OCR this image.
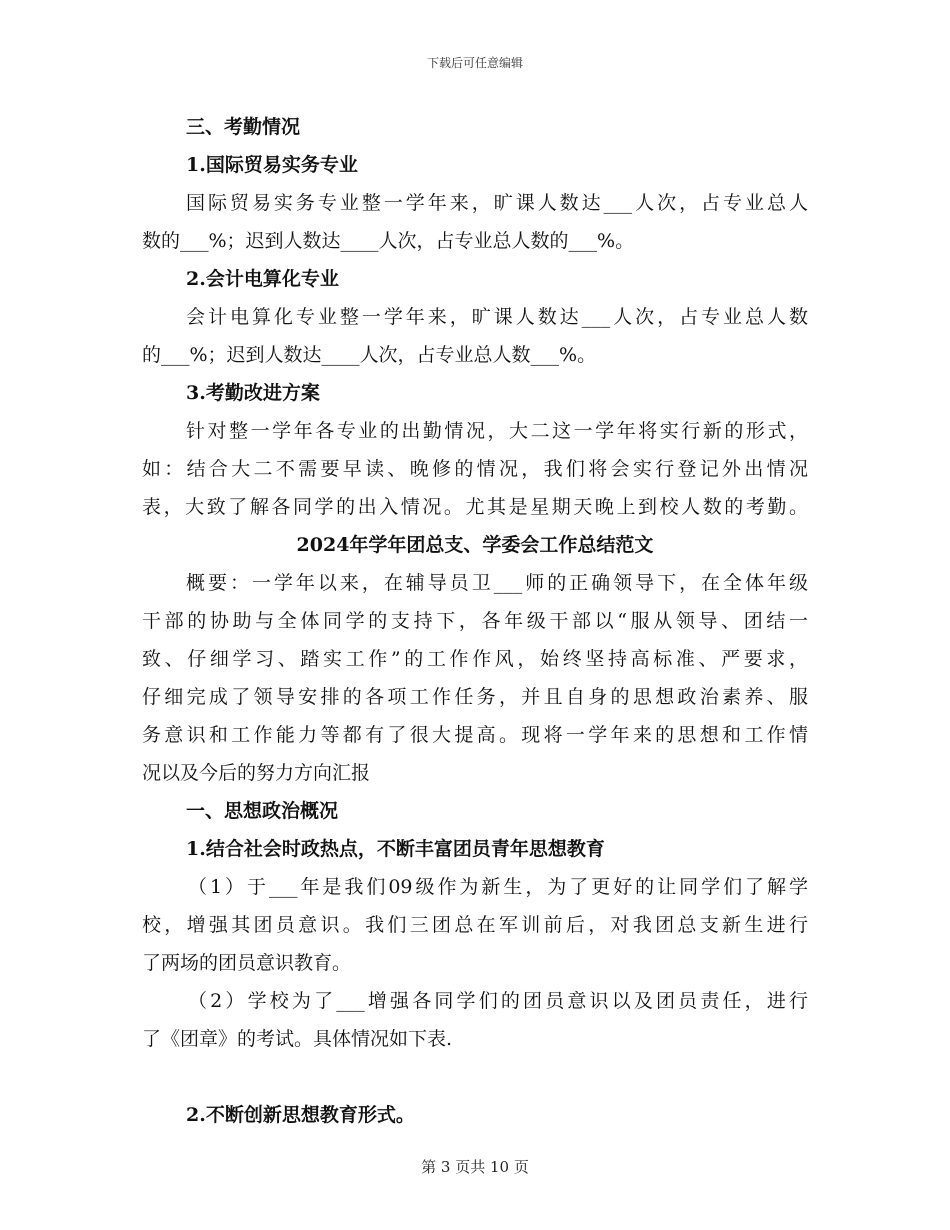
下载后可任意编辑
三、考勤情况
1.国际贸易实务专业
国际贸易实务专业整一学年来，旷课人数达___人次，占专业总人
数的___%；迟到人数达____人次，占专业总人数的___%。
2.会计电算化专业
会计电算化专业整一学年来，旷课人数达___人次，占专业总人数
的___%；迟到人数达____人次，占专业总人数___%。
3.考勤改进方案
针对整一学年各专业的出勤情况，大二这一学年将实行新的形式，
如：结合大二不需要早读、晚修的情况，我们将会实行登记外出情况
表，大致了解各同学的出入情况。尤其是星期天晚上到校人数的考勤。
2024年学年团总支、学委会工作总结范文
概要：一学年以来，在辅导员卫___师的正确领导下，在全体年级
干部的协助与全体同学的支持下，各年级干部以“服从领导、团结一
致、仔细学习、踏实工作”的工作作风，始终坚持高标准、严要求，
仔细完成了领导安排的各项工作任务，并且自身的思想政治素养、服
务意识和工作能力等都有了很大提高。现将一学年来的思想和工作情
况以及今后的努力方向汇报
一、思想政治概况
1.结合社会时政热点，不断丰富团员青年思想教育
（1）于___年是我们09级作为新生，为了更好的让同学们了解学
校，增强其团员意识。我们三团总在军训前后，对我团总支新生进行
了两场的团员意识教育。
（2）学校为了___增强各同学们的团员意识以及团员责任，进行
了《团章》的考试。具体情况如下表.
2.不断创新思想教育形式。
第 3 页共 10 页
